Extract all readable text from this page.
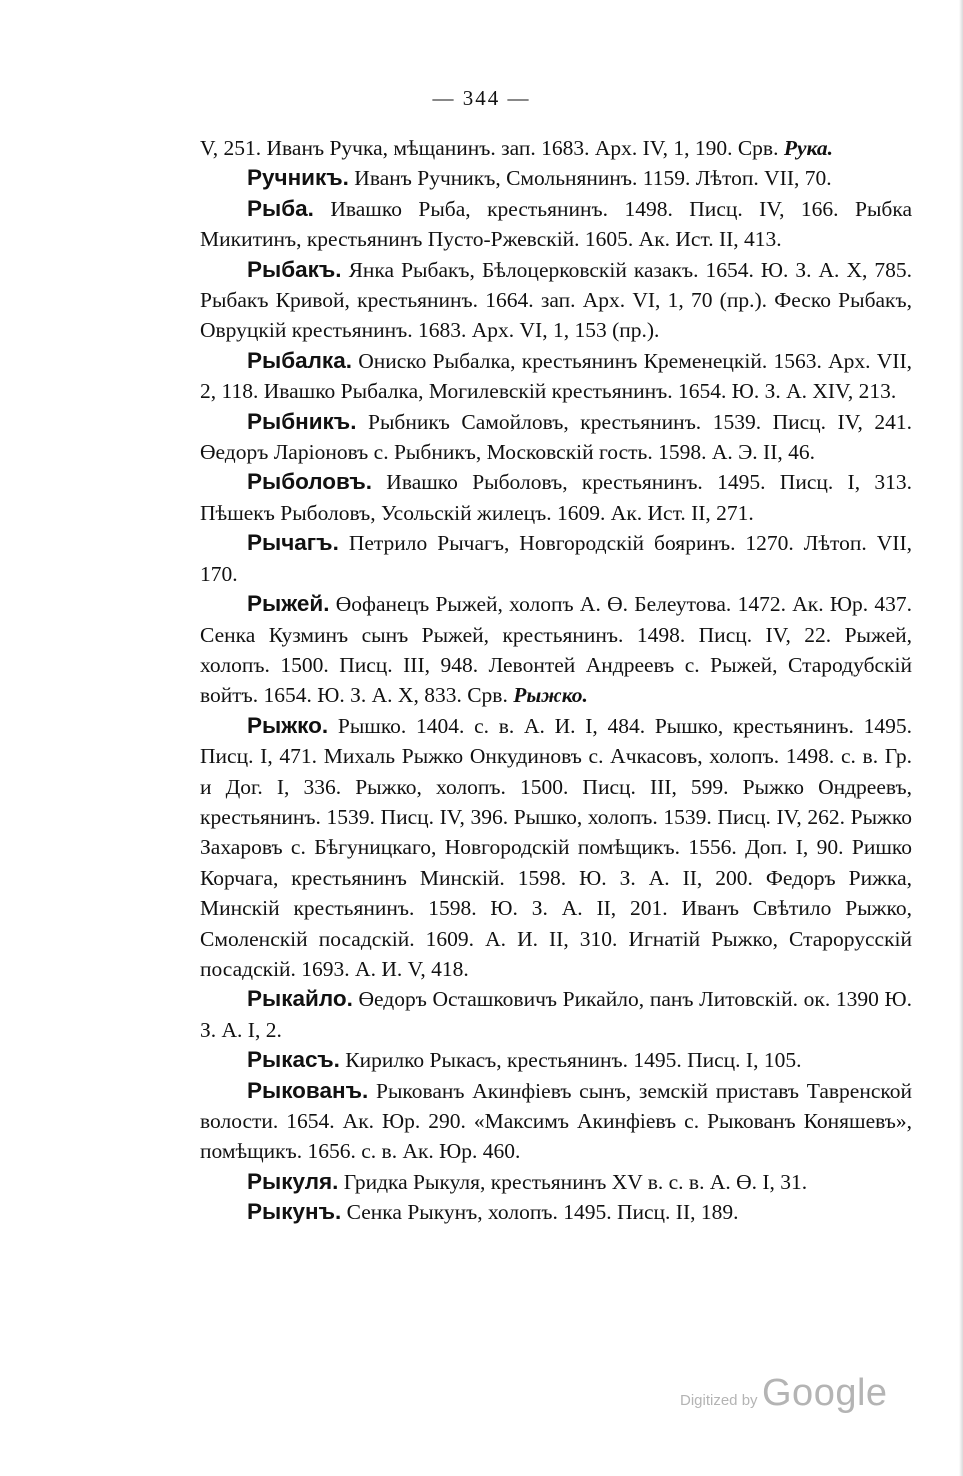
— 344 —

V, 251. Иванъ Ручка, мѣщанинъ. зап. 1683. Арх. IV, 1, 190. Срв. Рука.

Ручникъ. Иванъ Ручникъ, Смольнянинъ. 1159. Лѣтоп. VII, 70.

Рыба. Ивашко Рыба, крестьянинъ. 1498. Писц. IV, 166. Рыбка Микитинъ, крестьянинъ Пусто-Ржевскій. 1605. Ак. Ист. II, 413.

Рыбакъ. Янка Рыбакъ, Бѣлоцерковскій казакъ. 1654. Ю. З. А. X, 785. Рыбакъ Кривой, крестьянинъ. 1664. зап. Арх. VI, 1, 70 (пр.). Феско Рыбакъ, Овруцкій крестьянинъ. 1683. Арх. VI, 1, 153 (пр.).

Рыбалка. Ониско Рыбалка, крестьянинъ Кременецкій. 1563. Арх. VII, 2, 118. Ивашко Рыбалка, Могилевскій крестьянинъ. 1654. Ю. З. А. XIV, 213.

Рыбникъ. Рыбникъ Самойловъ, крестьянинъ. 1539. Писц. IV, 241. Өедоръ Ларіоновъ с. Рыбникъ, Московскій гость. 1598. А. Э. II, 46.

Рыболовъ. Ивашко Рыболовъ, крестьянинъ. 1495. Писц. I, 313. Пѣшекъ Рыболовъ, Усольскій жилецъ. 1609. Ак. Ист. II, 271.

Рычагъ. Петрило Рычагъ, Новгородскій бояринъ. 1270. Лѣтоп. VII, 170.

Рыжей. Өофанецъ Рыжей, холопъ А. Ө. Белеутова. 1472. Ак. Юр. 437. Сенка Кузминъ сынъ Рыжей, крестьянинъ. 1498. Писц. IV, 22. Рыжей, холопъ. 1500. Писц. III, 948. Левонтей Андреевъ с. Рыжей, Стародубскій войтъ. 1654. Ю. З. А. X, 833. Срв. Рыжко.

Рыжко. Рышко. 1404. с. в. А. И. I, 484. Рышко, крестьянинъ. 1495. Писц. I, 471. Михаль Рыжко Онкудиновъ с. Ачкасовъ, холопъ. 1498. с. в. Гр. и Дог. I, 336. Рыжко, холопъ. 1500. Писц. III, 599. Рыжко Ондреевъ, крестьянинъ. 1539. Писц. IV, 396. Рышко, холопъ. 1539. Писц. IV, 262. Рыжко Захаровъ с. Бѣгуницкаго, Новгородскій помѣщикъ. 1556. Доп. I, 90. Ришко Корчага, крестьянинъ Минскій. 1598. Ю. З. А. II, 200. Федоръ Рижка, Минскій крестьянинъ. 1598. Ю. З. А. II, 201. Иванъ Свѣтило Рыжко, Смоленскій посадскій. 1609. А. И. II, 310. Игнатій Рыжко, Старорусскій посадскій. 1693. А. И. V, 418.

Рыкайло. Өедоръ Осташковичъ Рикайло, панъ Литовскій. ок. 1390 Ю. З. А. I, 2.

Рыкасъ. Кирилко Рыкасъ, крестьянинъ. 1495. Писц. I, 105.

Рыкованъ. Рыкованъ Акинфіевъ сынъ, земскій приставъ Тавренской волости. 1654. Ак. Юр. 290. «Максимъ Акинфіевъ с. Рыкованъ Коняшевъ», помѣщикъ. 1656. с. в. Ак. Юр. 460.

Рыкуля. Гридка Рыкуля, крестьянинъ XV в. с. в. А. Ө. I, 31.

Рыкунъ. Сенка Рыкунъ, холопъ. 1495. Писц. II, 189.

Digitized by Google
